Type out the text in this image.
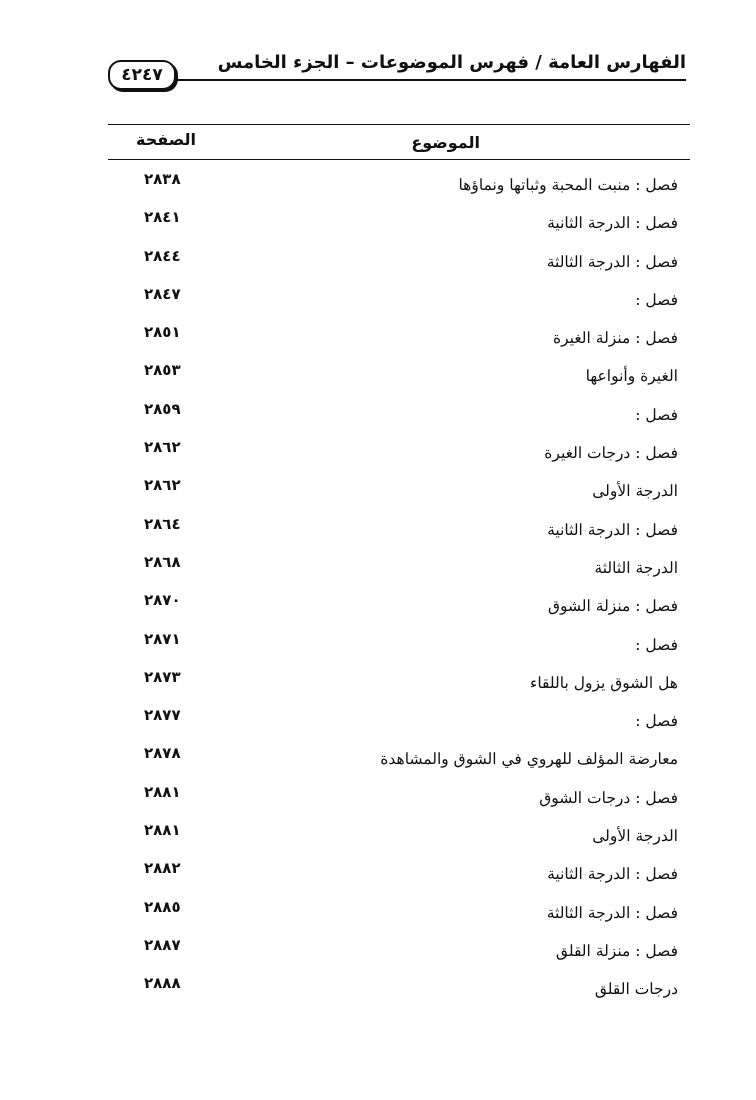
٤٢٤٧
الفهارس العامة / فهرس الموضوعات – الجزء الخامس
الموضوع
الصفحة
فصل : منبت المحبة وثباتها ونماؤها
٢٨٣٨
فصل : الدرجة الثانية
٢٨٤١
فصل : الدرجة الثالثة
٢٨٤٤
فصل :
٢٨٤٧
فصل : منزلة الغيرة
٢٨٥١
الغيرة وأنواعها
٢٨٥٣
فصل :
٢٨٥٩
فصل : درجات الغيرة
٢٨٦٢
الدرجة الأولى
٢٨٦٢
فصل : الدرجة الثانية
٢٨٦٤
الدرجة الثالثة
٢٨٦٨
فصل : منزلة الشوق
٢٨٧٠
فصل :
٢٨٧١
هل الشوق يزول باللقاء
٢٨٧٣
فصل :
٢٨٧٧
معارضة المؤلف للهروي في الشوق والمشاهدة
٢٨٧٨
فصل : درجات الشوق
٢٨٨١
الدرجة الأولى
٢٨٨١
فصل : الدرجة الثانية
٢٨٨٢
فصل : الدرجة الثالثة
٢٨٨٥
فصل : منزلة القلق
٢٨٨٧
درجات القلق
٢٨٨٨
